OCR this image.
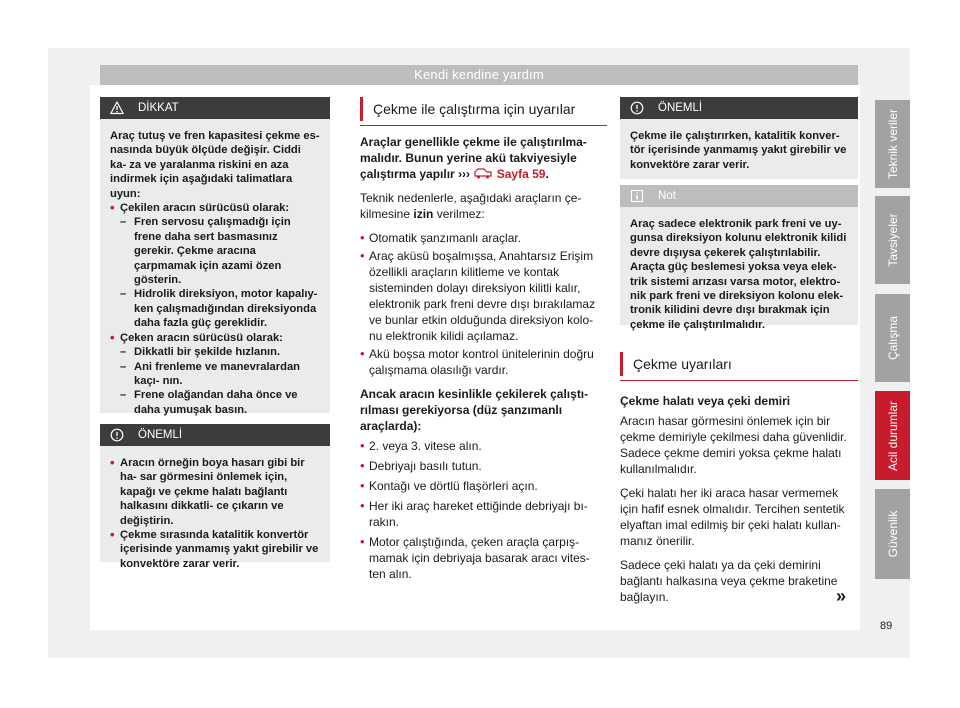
Kendi kendine yardım
Teknik veriler
Tavsiyeler
Çalışma
Acil durumlar
Güvenlik
89
»
DİKKAT

Araç tutuş ve fren kapasitesi çekme es- nasında büyük ölçüde değişir. Ciddi ka- za ve yaralanma riskini en aza indirmek için aşağıdaki talimatlara uyun:

• Çekilen aracın sürücüsü olarak:

– Fren servosu çalışmadığı için frene daha sert basmasınız gerekir. Çekme aracına çarpmamak için azami özen gösterin.

– Hidrolik direksiyon, motor kapalıy- ken çalışmadığından direksiyonda daha fazla güç gereklidir.

• Çeken aracın sürücüsü olarak:

– Dikkatli bir şekilde hızlanın.

– Ani frenleme ve manevralardan kaçı- nın.

– Frene olağandan daha önce ve daha yumuşak basın.

ÖNEMLİ

• Aracın örneğin boya hasarı gibi bir ha- sar görmesini önlemek için, kapağı ve çekme halatı bağlantı halkasını dikkatli- ce çıkarın ve değiştirin.

• Çekme sırasında katalitik konvertör içerisinde yanmamış yakıt girebilir ve konvektöre zarar verir.

Çekme ile çalıştırma için uyarılar

Araçlar genellikle çekme ile çalıştırılma- malıdır. Bunun yerine akü takviyesiyle çalıştırma yapılır ››› Sayfa 59.

Teknik nedenlerle, aşağıdaki araçların çe- kilmesine izin verilmez:

• Otomatik şanzımanlı araçlar.

• Araç aküsü boşalmışsa, Anahtarsız Erişim özellikli araçların kilitleme ve kontak sisteminden dolayı direksiyon kilitli kalır, elektronik park freni devre dışı bırakılamaz ve bunlar etkin olduğunda direksiyon kolo- nu elektronik kilidi açılamaz.

• Akü boşsa motor kontrol ünitelerinin doğru çalışmama olasılığı vardır.

Ancak aracın kesinlikle çekilerek çalıştı- rılması gerekiyorsa (düz şanzımanlı araçlarda):

• 2. veya 3. vitese alın.

• Debriyajı basılı tutun.

• Kontağı ve dörtlü flaşörleri açın.

• Her iki araç hareket ettiğinde debriyajı bı- rakın.

• Motor çalıştığında, çeken araçla çarpış- mamak için debriyaja basarak aracı vites- ten alın.

ÖNEMLİ
Çekme ile çalıştırırken, katalitik konver- tör içerisinde yanmamış yakıt girebilir ve konvektöre zarar verir.
Not
Araç sadece elektronik park freni ve uy- gunsa direksiyon kolunu elektronik kilidi devre dışıysa çekerek çalıştırılabilir. Araçta güç beslemesi yoksa veya elek- trik sistemi arızası varsa motor, elektro- nik park freni ve direksiyon kolonu elek- tronik kilidini devre dışı bırakmak için çekme ile çalıştırılmalıdır.
Çekme uyarıları

Çekme halatı veya çeki demiri

Aracın hasar görmesini önlemek için bir çekme demiriyle çekilmesi daha güvenlidir. Sadece çekme demiri yoksa çekme halatı kullanılmalıdır.

Çeki halatı her iki araca hasar vermemek için hafif esnek olmalıdır. Tercihen sentetik elyaftan imal edilmiş bir çeki halatı kullan- manız önerilir.

Sadece çeki halatı ya da çeki demirini bağlantı halkasına veya çekme braketine bağlayın.
